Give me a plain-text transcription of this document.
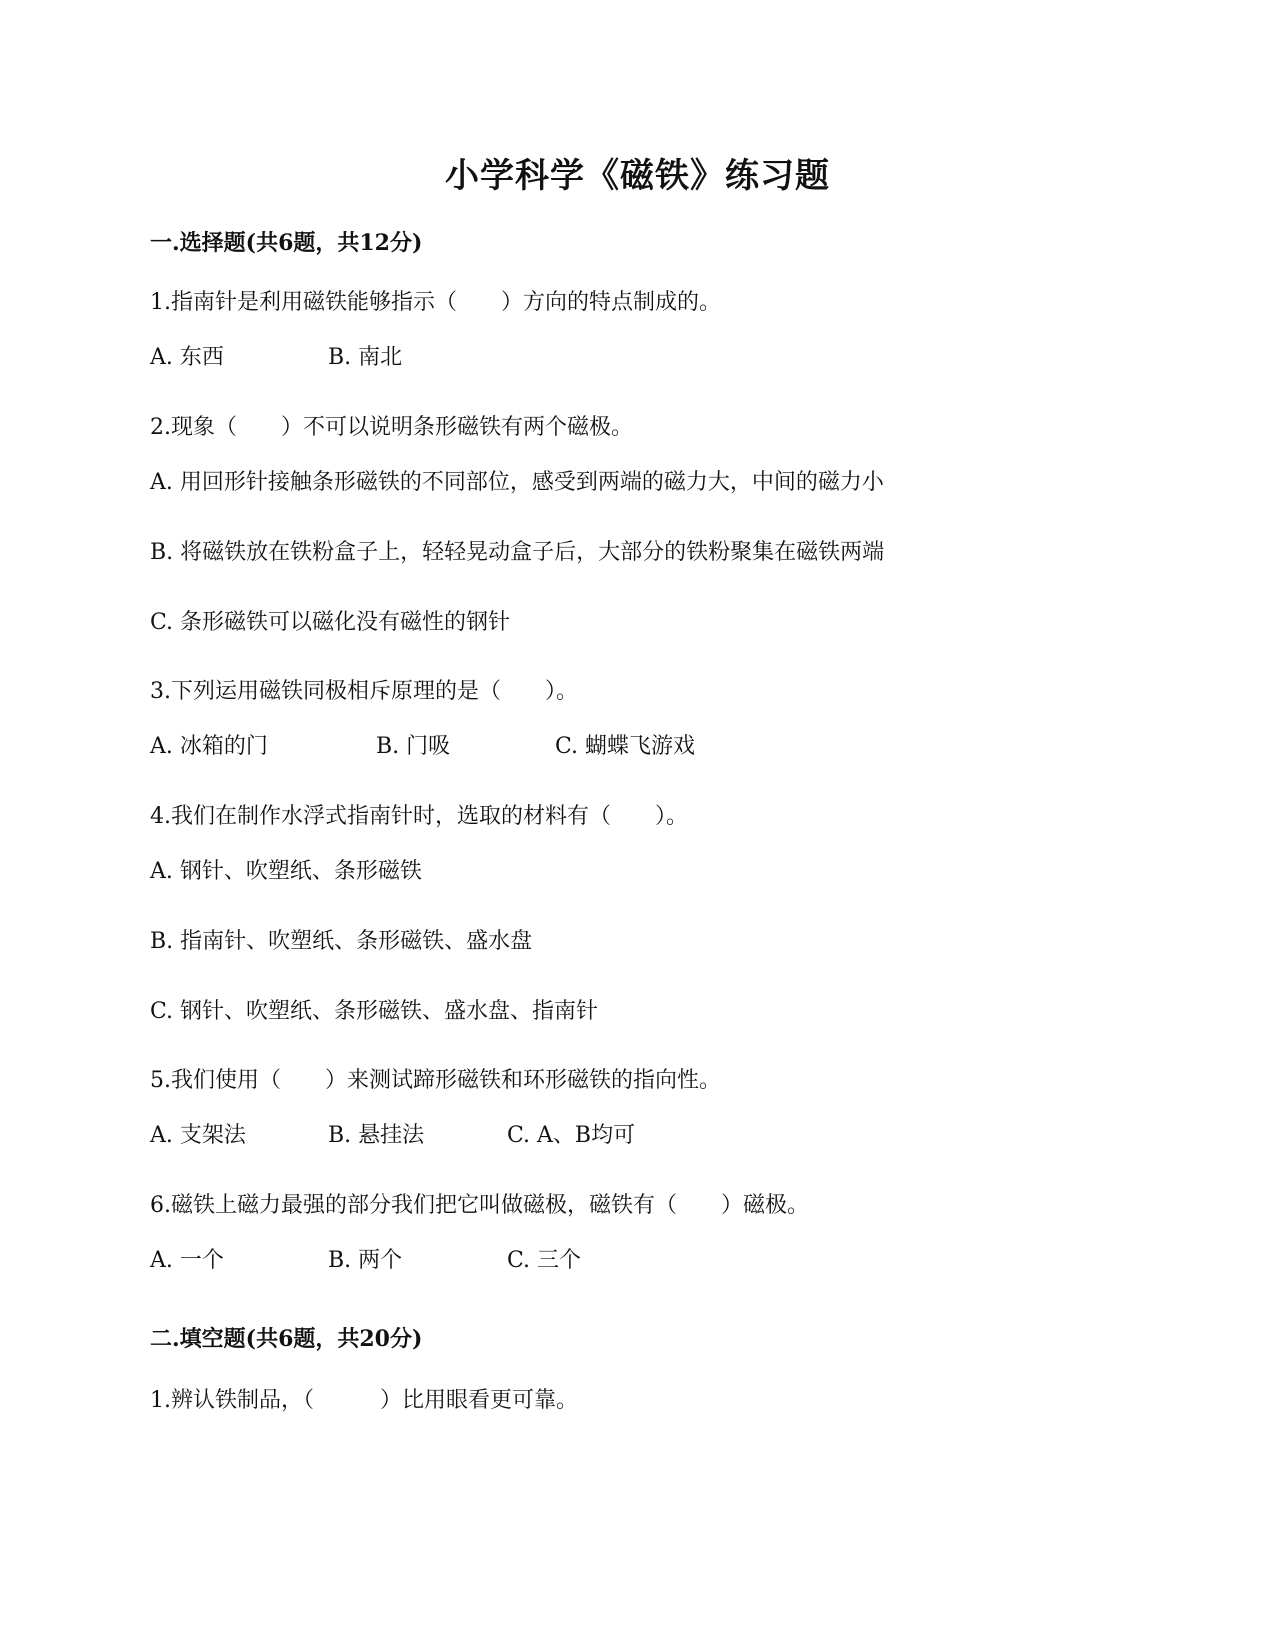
小学科学《磁铁》练习题
一.选择题(共6题，共12分)
1.指南针是利用磁铁能够指示（　　）方向的特点制成的。
A. 东西	B. 南北
2.现象（　　）不可以说明条形磁铁有两个磁极。
A. 用回形针接触条形磁铁的不同部位，感受到两端的磁力大，中间的磁力小
B. 将磁铁放在铁粉盒子上，轻轻晃动盒子后，大部分的铁粉聚集在磁铁两端
C. 条形磁铁可以磁化没有磁性的钢针
3.下列运用磁铁同极相斥原理的是（　　）。
A. 冰箱的门	B. 门吸	C. 蝴蝶飞游戏
4.我们在制作水浮式指南针时，选取的材料有（　　）。
A. 钢针、吹塑纸、条形磁铁
B. 指南针、吹塑纸、条形磁铁、盛水盘
C. 钢针、吹塑纸、条形磁铁、盛水盘、指南针
5.我们使用（　　）来测试蹄形磁铁和环形磁铁的指向性。
A. 支架法	B. 悬挂法	C. A、B均可
6.磁铁上磁力最强的部分我们把它叫做磁极，磁铁有（　　）磁极。
A. 一个	B. 两个	C. 三个
二.填空题(共6题，共20分)
1.辨认铁制品，（　　　）比用眼看更可靠。
